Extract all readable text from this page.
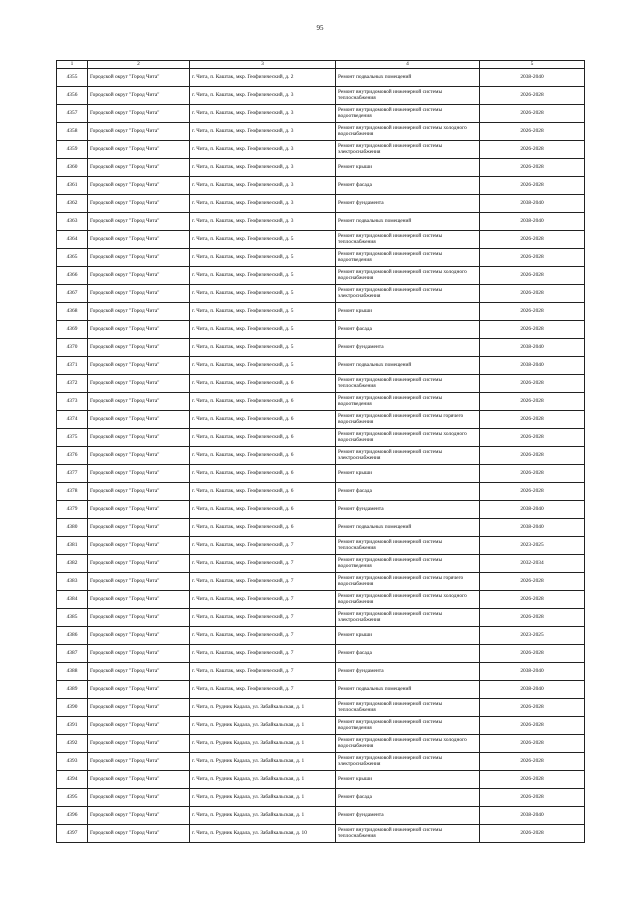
95
1	2	3	4	5
4355	Городской округ "Город Чита"	г. Чита, п. Каштак, мкр. Геофизический, д. 2	Ремонт подвальных помещений	2038-2040
4356	Городской округ "Город Чита"	г. Чита, п. Каштак, мкр. Геофизический, д. 3	Ремонт внутридомовой инженерной системы теплоснабжения	2026-2028
4357	Городской округ "Город Чита"	г. Чита, п. Каштак, мкр. Геофизический, д. 3	Ремонт внутридомовой инженерной системы водоотведения	2026-2028
4358	Городской округ "Город Чита"	г. Чита, п. Каштак, мкр. Геофизический, д. 3	Ремонт внутридомовой инженерной системы холодного водоснабжения	2026-2028
4359	Городской округ "Город Чита"	г. Чита, п. Каштак, мкр. Геофизический, д. 3	Ремонт внутридомовой инженерной системы электроснабжения	2026-2028
4360	Городской округ "Город Чита"	г. Чита, п. Каштак, мкр. Геофизический, д. 3	Ремонт крыши	2026-2028
4361	Городской округ "Город Чита"	г. Чита, п. Каштак, мкр. Геофизический, д. 3	Ремонт фасада	2026-2028
4362	Городской округ "Город Чита"	г. Чита, п. Каштак, мкр. Геофизический, д. 3	Ремонт фундамента	2038-2040
4363	Городской округ "Город Чита"	г. Чита, п. Каштак, мкр. Геофизический, д. 3	Ремонт подвальных помещений	2038-2040
4364	Городской округ "Город Чита"	г. Чита, п. Каштак, мкр. Геофизический, д. 5	Ремонт внутридомовой инженерной системы теплоснабжения	2026-2028
4365	Городской округ "Город Чита"	г. Чита, п. Каштак, мкр. Геофизический, д. 5	Ремонт внутридомовой инженерной системы водоотведения	2026-2028
4366	Городской округ "Город Чита"	г. Чита, п. Каштак, мкр. Геофизический, д. 5	Ремонт внутридомовой инженерной системы холодного водоснабжения	2026-2028
4367	Городской округ "Город Чита"	г. Чита, п. Каштак, мкр. Геофизический, д. 5	Ремонт внутридомовой инженерной системы электроснабжения	2026-2028
4368	Городской округ "Город Чита"	г. Чита, п. Каштак, мкр. Геофизический, д. 5	Ремонт крыши	2026-2028
4369	Городской округ "Город Чита"	г. Чита, п. Каштак, мкр. Геофизический, д. 5	Ремонт фасада	2026-2028
4370	Городской округ "Город Чита"	г. Чита, п. Каштак, мкр. Геофизический, д. 5	Ремонт фундамента	2038-2040
4371	Городской округ "Город Чита"	г. Чита, п. Каштак, мкр. Геофизический, д. 5	Ремонт подвальных помещений	2038-2040
4372	Городской округ "Город Чита"	г. Чита, п. Каштак, мкр. Геофизический, д. 6	Ремонт внутридомовой инженерной системы теплоснабжения	2026-2028
4373	Городской округ "Город Чита"	г. Чита, п. Каштак, мкр. Геофизический, д. 6	Ремонт внутридомовой инженерной системы водоотведения	2026-2028
4374	Городской округ "Город Чита"	г. Чита, п. Каштак, мкр. Геофизический, д. 6	Ремонт внутридомовой инженерной системы горячего водоснабжения	2026-2028
4375	Городской округ "Город Чита"	г. Чита, п. Каштак, мкр. Геофизический, д. 6	Ремонт внутридомовой инженерной системы холодного водоснабжения	2026-2028
4376	Городской округ "Город Чита"	г. Чита, п. Каштак, мкр. Геофизический, д. 6	Ремонт внутридомовой инженерной системы электроснабжения	2026-2028
4377	Городской округ "Город Чита"	г. Чита, п. Каштак, мкр. Геофизический, д. 6	Ремонт крыши	2026-2028
4378	Городской округ "Город Чита"	г. Чита, п. Каштак, мкр. Геофизический, д. 6	Ремонт фасада	2026-2028
4379	Городской округ "Город Чита"	г. Чита, п. Каштак, мкр. Геофизический, д. 6	Ремонт фундамента	2038-2040
4380	Городской округ "Город Чита"	г. Чита, п. Каштак, мкр. Геофизический, д. 6	Ремонт подвальных помещений	2038-2040
4381	Городской округ "Город Чита"	г. Чита, п. Каштак, мкр. Геофизический, д. 7	Ремонт внутридомовой инженерной системы теплоснабжения	2023-2025
4382	Городской округ "Город Чита"	г. Чита, п. Каштак, мкр. Геофизический, д. 7	Ремонт внутридомовой инженерной системы водоотведения	2032-2034
4383	Городской округ "Город Чита"	г. Чита, п. Каштак, мкр. Геофизический, д. 7	Ремонт внутридомовой инженерной системы горячего водоснабжения	2026-2028
4384	Городской округ "Город Чита"	г. Чита, п. Каштак, мкр. Геофизический, д. 7	Ремонт внутридомовой инженерной системы холодного водоснабжения	2026-2028
4385	Городской округ "Город Чита"	г. Чита, п. Каштак, мкр. Геофизический, д. 7	Ремонт внутридомовой инженерной системы электроснабжения	2026-2028
4386	Городской округ "Город Чита"	г. Чита, п. Каштак, мкр. Геофизический, д. 7	Ремонт крыши	2023-2025
4387	Городской округ "Город Чита"	г. Чита, п. Каштак, мкр. Геофизический, д. 7	Ремонт фасада	2026-2028
4388	Городской округ "Город Чита"	г. Чита, п. Каштак, мкр. Геофизический, д. 7	Ремонт фундамента	2038-2040
4389	Городской округ "Город Чита"	г. Чита, п. Каштак, мкр. Геофизический, д. 7	Ремонт подвальных помещений	2038-2040
4390	Городской округ "Город Чита"	г. Чита, п. Рудник Кадала, ул. Забайкальская, д. 1	Ремонт внутридомовой инженерной системы теплоснабжения	2026-2028
4391	Городской округ "Город Чита"	г. Чита, п. Рудник Кадала, ул. Забайкальская, д. 1	Ремонт внутридомовой инженерной системы водоотведения	2026-2028
4392	Городской округ "Город Чита"	г. Чита, п. Рудник Кадала, ул. Забайкальская, д. 1	Ремонт внутридомовой инженерной системы холодного водоснабжения	2026-2028
4393	Городской округ "Город Чита"	г. Чита, п. Рудник Кадала, ул. Забайкальская, д. 1	Ремонт внутридомовой инженерной системы электроснабжения	2026-2028
4394	Городской округ "Город Чита"	г. Чита, п. Рудник Кадала, ул. Забайкальская, д. 1	Ремонт крыши	2026-2028
4395	Городской округ "Город Чита"	г. Чита, п. Рудник Кадала, ул. Забайкальская, д. 1	Ремонт фасада	2026-2028
4396	Городской округ "Город Чита"	г. Чита, п. Рудник Кадала, ул. Забайкальская, д. 1	Ремонт фундамента	2038-2040
4397	Городской округ "Город Чита"	г. Чита, п. Рудник Кадала, ул. Забайкальская, д. 10	Ремонт внутридомовой инженерной системы теплоснабжения	2026-2028
